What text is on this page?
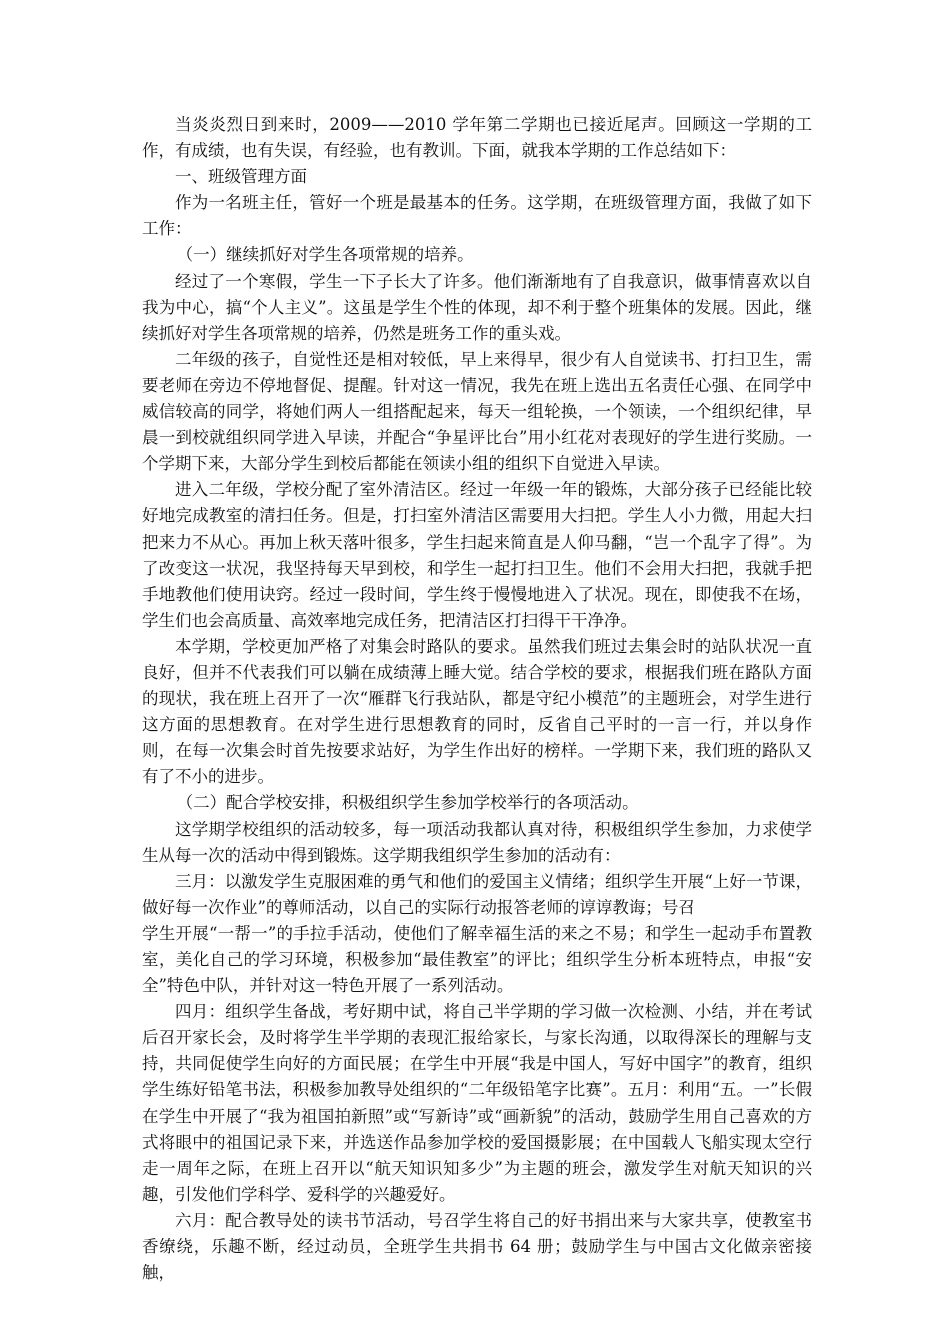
当炎炎烈日到来时，2009——2010 学年第二学期也已接近尾声。回顾这一学期的工作，有成绩，也有失误，有经验，也有教训。下面，就我本学期的工作总结如下：

一、班级管理方面

作为一名班主任，管好一个班是最基本的任务。这学期，在班级管理方面，我做了如下工作：

（一）继续抓好对学生各项常规的培养。

经过了一个寒假，学生一下子长大了许多。他们渐渐地有了自我意识，做事情喜欢以自我为中心，搞“个人主义”。这虽是学生个性的体现，却不利于整个班集体的发展。因此，继续抓好对学生各项常规的培养，仍然是班务工作的重头戏。

二年级的孩子，自觉性还是相对较低，早上来得早，很少有人自觉读书、打扫卫生，需要老师在旁边不停地督促、提醒。针对这一情况，我先在班上选出五名责任心强、在同学中威信较高的同学，将她们两人一组搭配起来，每天一组轮换，一个领读，一个组织纪律，早晨一到校就组织同学进入早读，并配合“争星评比台”用小红花对表现好的学生进行奖励。一个学期下来，大部分学生到校后都能在领读小组的组织下自觉进入早读。

进入二年级，学校分配了室外清洁区。经过一年级一年的锻炼，大部分孩子已经能比较好地完成教室的清扫任务。但是，打扫室外清洁区需要用大扫把。学生人小力微，用起大扫把来力不从心。再加上秋天落叶很多，学生扫起来简直是人仰马翻，“岂一个乱字了得”。为了改变这一状况，我坚持每天早到校，和学生一起打扫卫生。他们不会用大扫把，我就手把手地教他们使用诀窍。经过一段时间，学生终于慢慢地进入了状况。现在，即使我不在场，学生们也会高质量、高效率地完成任务，把清洁区打扫得干干净净。

本学期，学校更加严格了对集会时路队的要求。虽然我们班过去集会时的站队状况一直良好，但并不代表我们可以躺在成绩薄上睡大觉。结合学校的要求，根据我们班在路队方面的现状，我在班上召开了一次“雁群飞行我站队，都是守纪小模范”的主题班会，对学生进行这方面的思想教育。在对学生进行思想教育的同时，反省自己平时的一言一行，并以身作则，在每一次集会时首先按要求站好，为学生作出好的榜样。一学期下来，我们班的路队又有了不小的进步。

（二）配合学校安排，积极组织学生参加学校举行的各项活动。

这学期学校组织的活动较多，每一项活动我都认真对待，积极组织学生参加，力求使学生从每一次的活动中得到锻炼。这学期我组织学生参加的活动有：

三月：以激发学生克服困难的勇气和他们的爱国主义情绪；组织学生开展“上好一节课，做好每一次作业”的尊师活动，以自己的实际行动报答老师的谆谆教诲；号召

学生开展“一帮一”的手拉手活动，使他们了解幸福生活的来之不易；和学生一起动手布置教室，美化自己的学习环境，积极参加“最佳教室”的评比；组织学生分析本班特点，申报“安全”特色中队，并针对这一特色开展了一系列活动。

四月：组织学生备战，考好期中试，将自己半学期的学习做一次检测、小结，并在考试后召开家长会，及时将学生半学期的表现汇报给家长，与家长沟通，以取得深长的理解与支持，共同促使学生向好的方面民展；在学生中开展“我是中国人，写好中国字”的教育，组织学生练好铅笔书法，积极参加教导处组织的“二年级铅笔字比赛”。五月：利用“五。一”长假在学生中开展了“我为祖国拍新照”或“写新诗”或“画新貌”的活动，鼓励学生用自己喜欢的方式将眼中的祖国记录下来，并选送作品参加学校的爱国摄影展；在中国载人飞船实现太空行走一周年之际，在班上召开以“航天知识知多少”为主题的班会，激发学生对航天知识的兴趣，引发他们学科学、爱科学的兴趣爱好。

六月：配合教导处的读书节活动，号召学生将自己的好书捐出来与大家共享，使教室书香缭绕，乐趣不断，经过动员，全班学生共捐书 64 册；鼓励学生与中国古文化做亲密接触，
